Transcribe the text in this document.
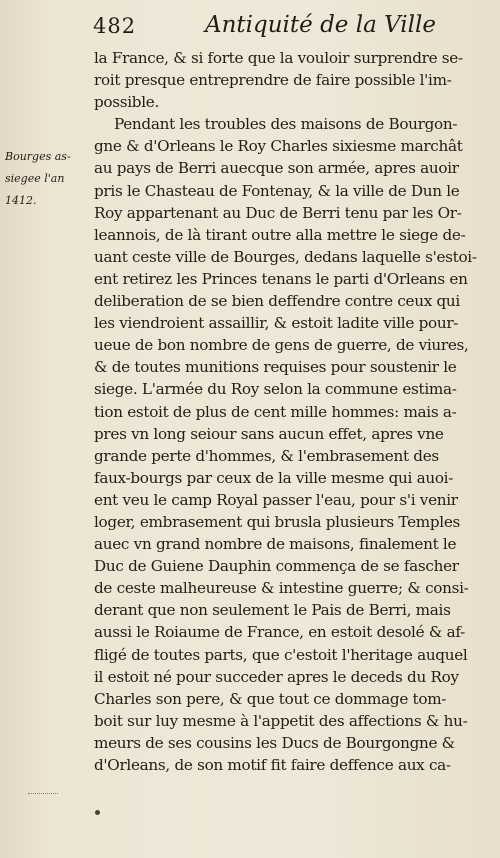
482	Antiquité de la Ville
Bourges as-
siegee l'an
1412.
la France, & si forte que la vouloir surprendre se-
roit presque entreprendre de faire possible l'im-
possible.
Pendant les troubles des maisons de Bourgon-
gne & d'Orleans le Roy Charles sixiesme marchât
au pays de Berri auecque son armée, apres auoir
pris le Chasteau de Fontenay, & la ville de Dun le
Roy appartenant au Duc de Berri tenu par les Or-
leannois, de là tirant outre alla mettre le siege de-
uant ceste ville de Bourges, dedans laquelle s'estoi-
ent retirez les Princes tenans le parti d'Orleans en
deliberation de se bien deffendre contre ceux qui
les viendroient assaillir, & estoit ladite ville pour-
ueue de bon nombre de gens de guerre, de viures,
& de toutes munitions requises pour soustenir le
siege. L'armée du Roy selon la commune estima-
tion estoit de plus de cent mille hommes: mais a-
pres vn long seiour sans aucun effet, apres vne
grande perte d'hommes, & l'embrasement des
faux-bourgs par ceux de la ville mesme qui auoi-
ent veu le camp Royal passer l'eau, pour s'i venir
loger, embrasement qui brusla plusieurs Temples
auec vn grand nombre de maisons, finalement le
Duc de Guiene Dauphin commença de se fascher
de ceste malheureuse & intestine guerre; & consi-
derant que non seulement le Pais de Berri, mais
aussi le Roiaume de France, en estoit desolé & af-
fligé de toutes parts, que c'estoit l'heritage auquel
il estoit né pour succeder apres le deceds du Roy
Charles son pere, & que tout ce dommage tom-
boit sur luy mesme à l'appetit des affections & hu-
meurs de ses cousins les Ducs de Bourgongne &
d'Orleans, de son motif fit faire deffence aux ca-
